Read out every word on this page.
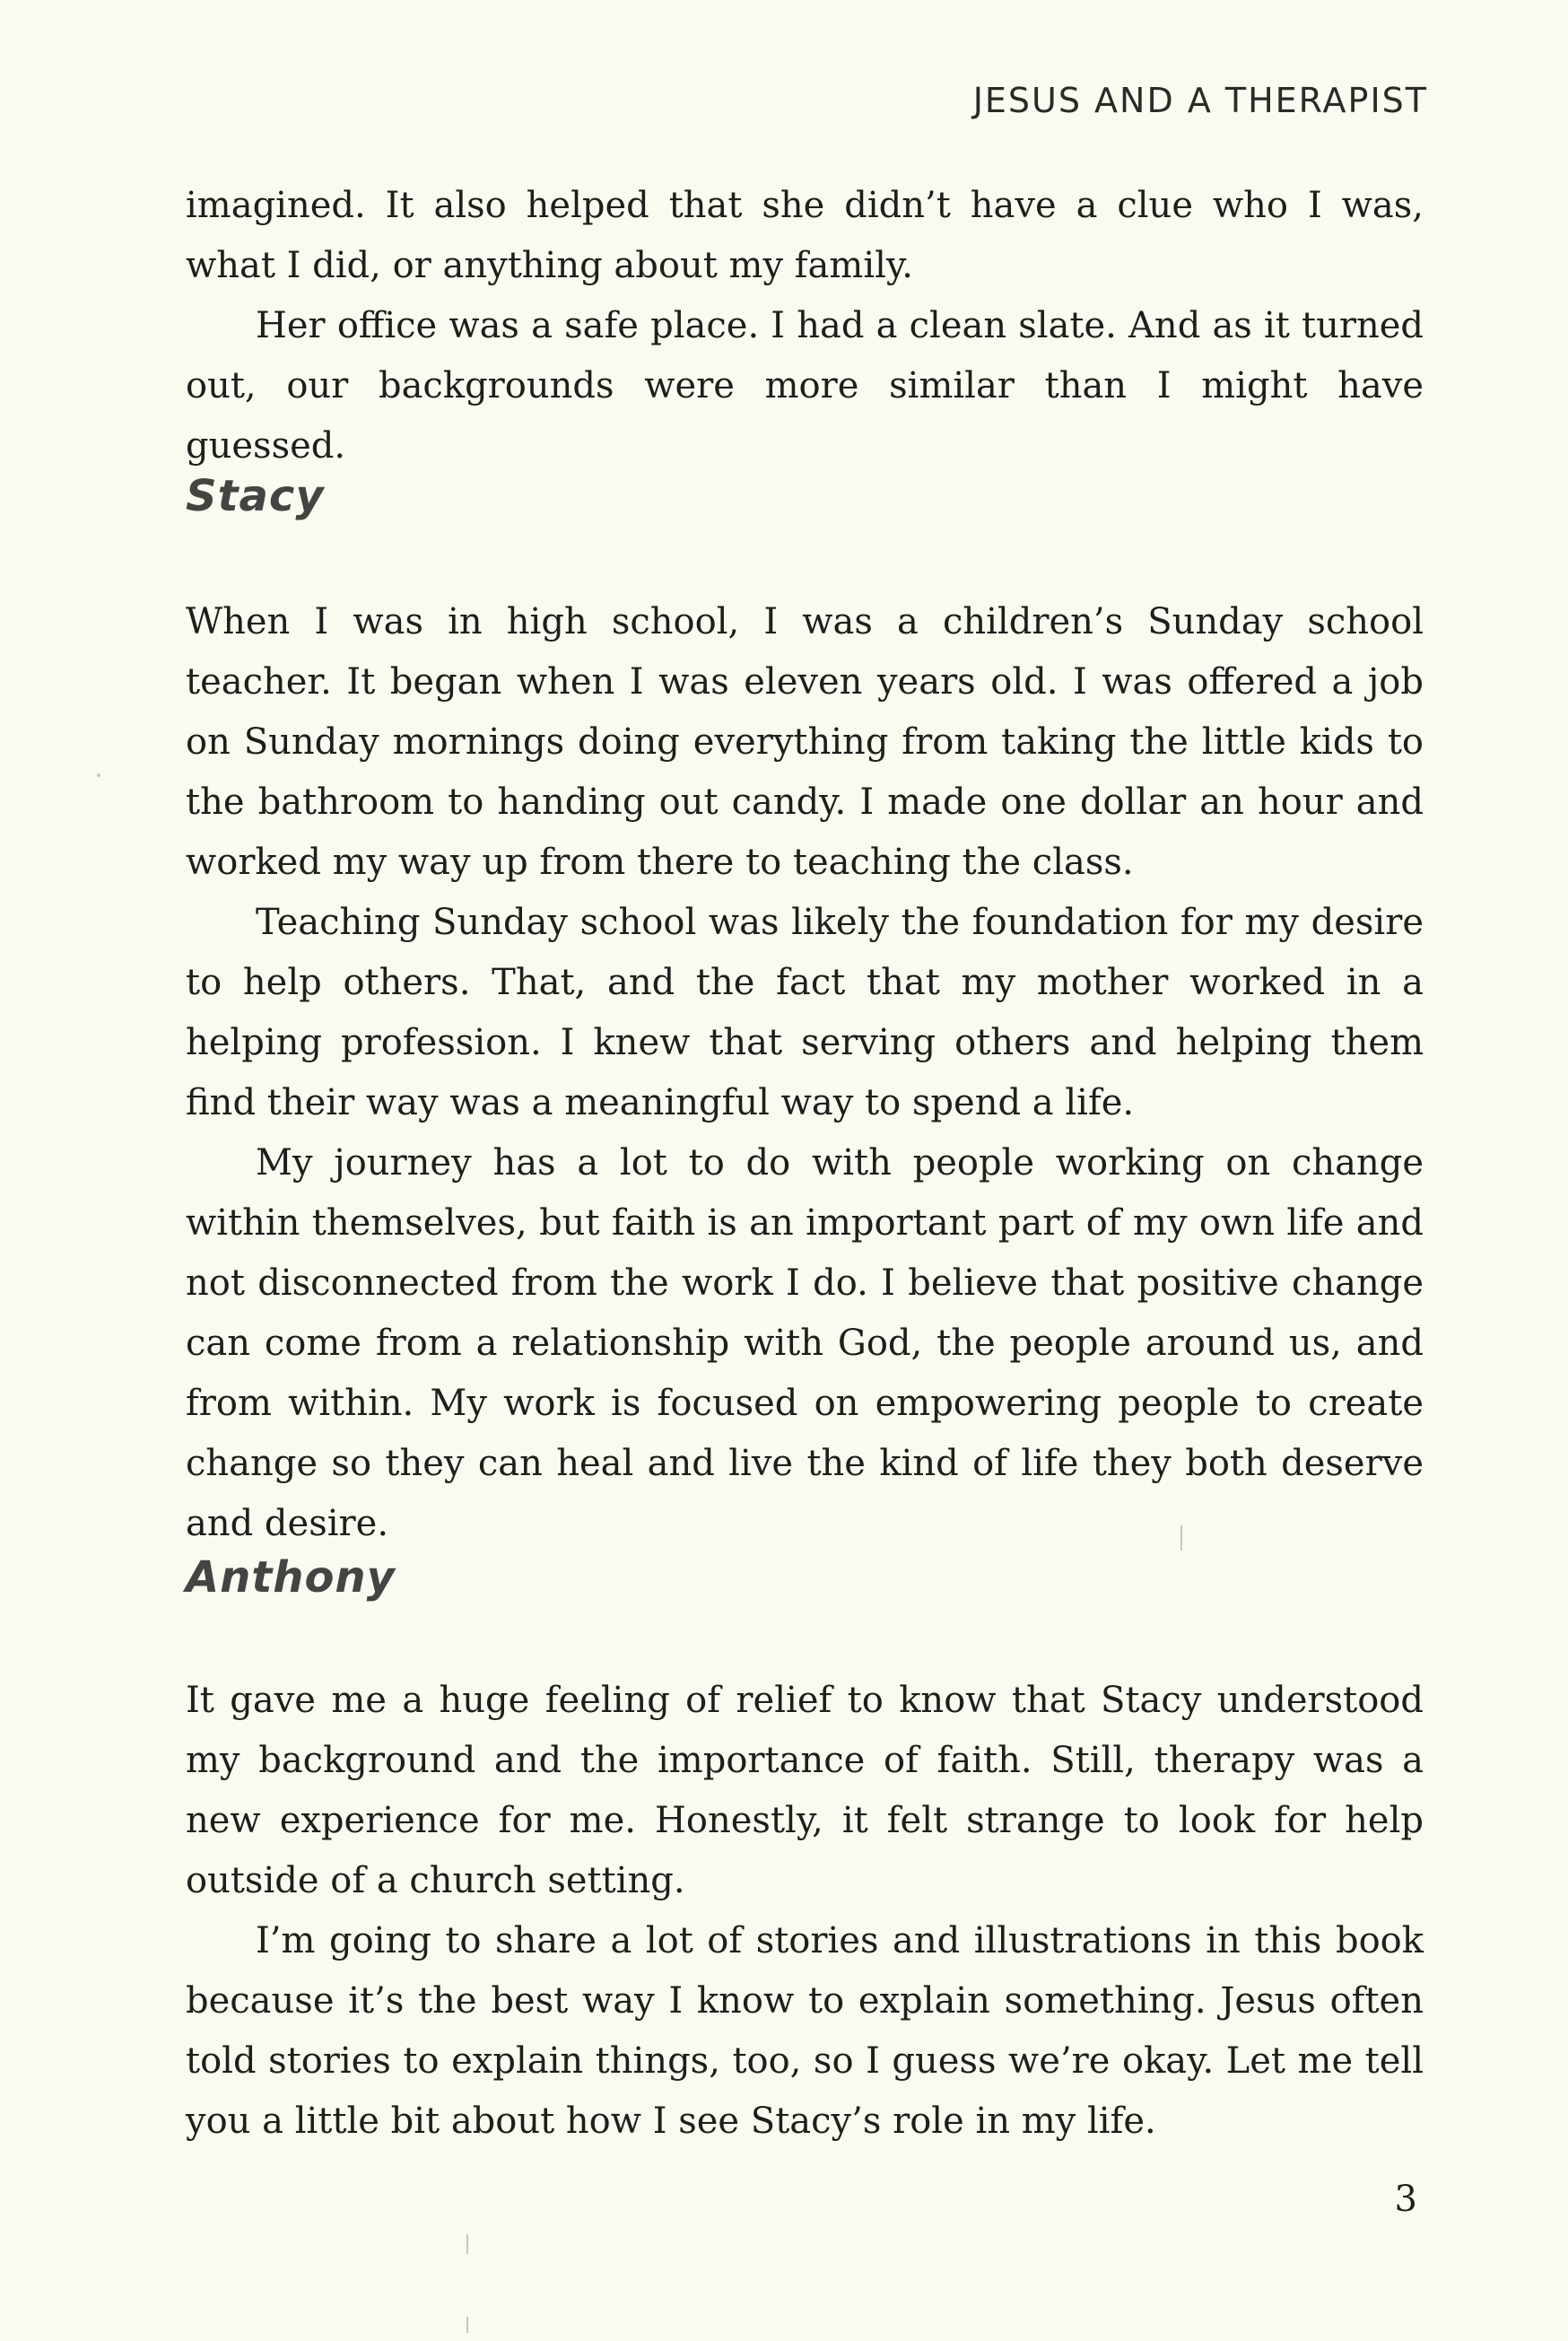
JESUS AND A THERAPIST

imagined. It also helped that she didn’t have a clue who I was, what I did, or anything about my family.

Her office was a safe place. I had a clean slate. And as it turned out, our backgrounds were more similar than I might have guessed.

Stacy

When I was in high school, I was a children’s Sunday school teacher. It began when I was eleven years old. I was offered a job on Sunday mornings doing everything from taking the little kids to the bathroom to handing out candy. I made one dollar an hour and worked my way up from there to teaching the class.

Teaching Sunday school was likely the foundation for my desire to help others. That, and the fact that my mother worked in a helping profession. I knew that serving others and helping them find their way was a meaningful way to spend a life.

My journey has a lot to do with people working on change within themselves, but faith is an important part of my own life and not disconnected from the work I do. I believe that positive change can come from a relationship with God, the people around us, and from within. My work is focused on empowering people to create change so they can heal and live the kind of life they both deserve and desire.

Anthony

It gave me a huge feeling of relief to know that Stacy understood my background and the importance of faith. Still, therapy was a new experience for me. Honestly, it felt strange to look for help outside of a church setting.

I’m going to share a lot of stories and illustrations in this book because it’s the best way I know to explain something. Jesus often told stories to explain things, too, so I guess we’re okay. Let me tell you a little bit about how I see Stacy’s role in my life.

3
